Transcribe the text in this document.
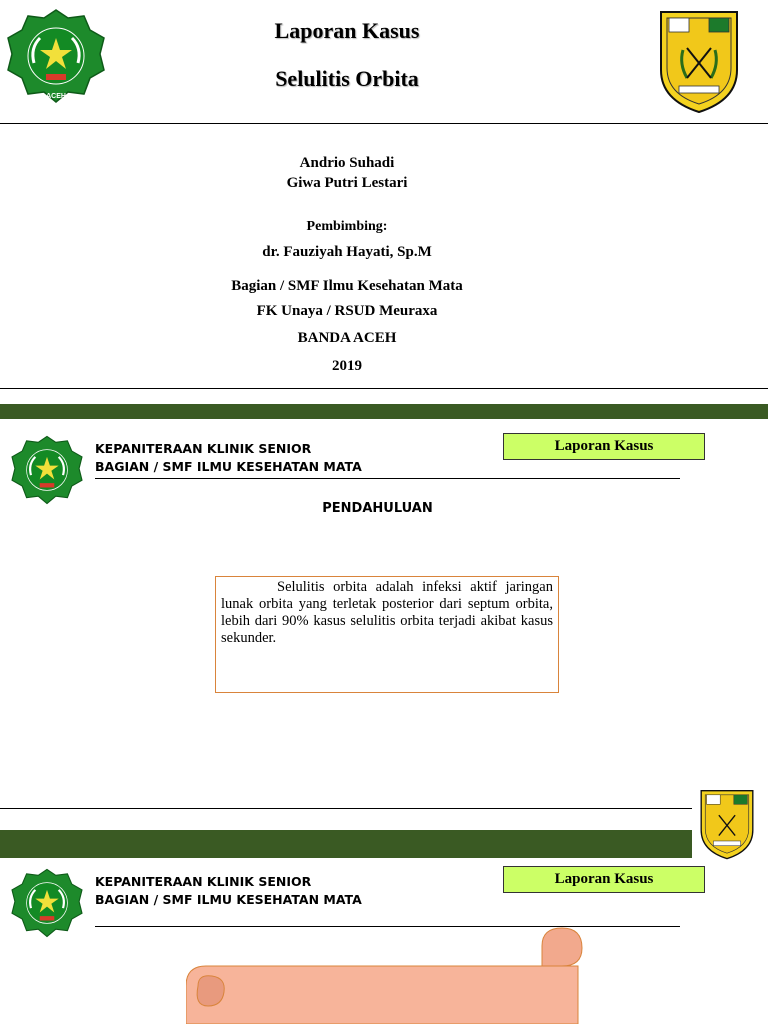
ACEH
Laporan Kasus
Selulitis Orbita
Andrio Suhadi
Giwa Putri Lestari
Pembimbing:
dr. Fauziyah Hayati, Sp.M
Bagian / SMF Ilmu Kesehatan Mata
FK Unaya / RSUD Meuraxa
BANDA ACEH
2019
KEPANITERAAN KLINIK SENIOR
BAGIAN / SMF ILMU KESEHATAN MATA
Laporan Kasus
PENDAHULUAN
Selulitis orbita adalah infeksi aktif jaringan lunak orbita yang terletak posterior dari septum orbita, lebih dari 90% kasus selulitis orbita terjadi akibat kasus sekunder.
KEPANITERAAN KLINIK SENIOR
BAGIAN / SMF ILMU KESEHATAN MATA
Laporan Kasus
